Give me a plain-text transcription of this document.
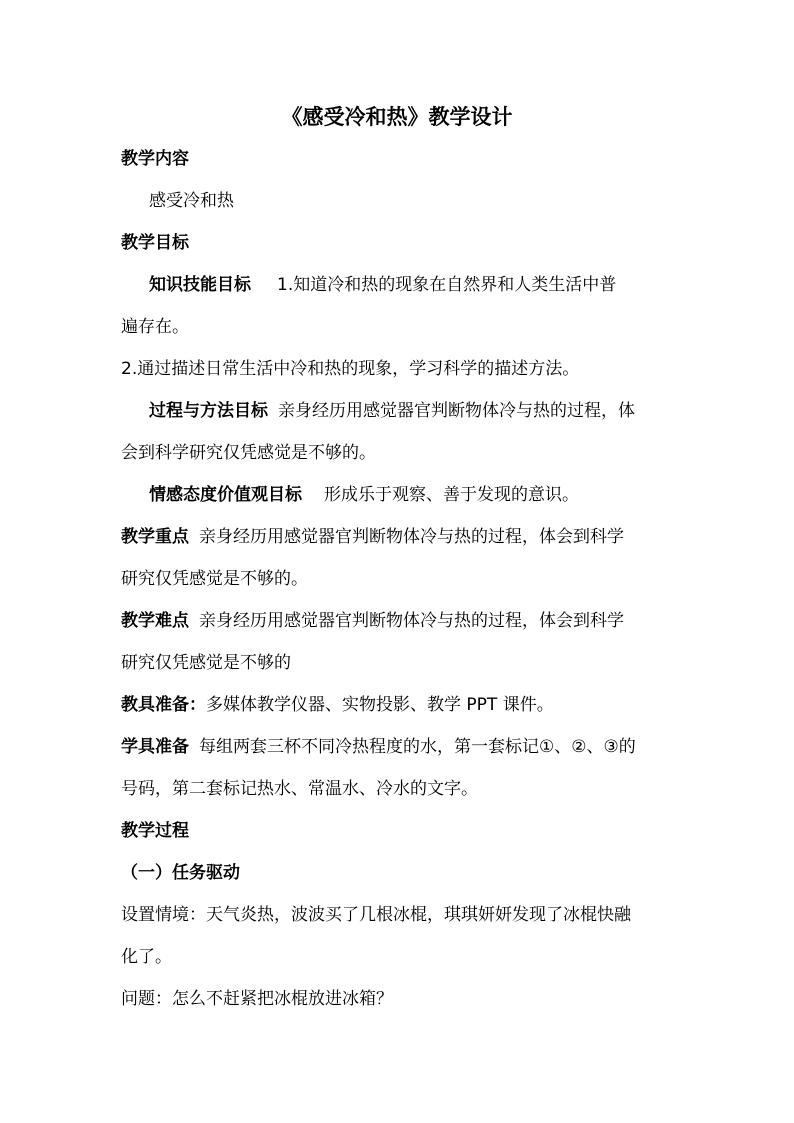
《感受冷和热》教学设计
教学内容
感受冷和热
教学目标
知识技能目标 1.知道冷和热的现象在自然界和人类生活中普
遍存在。
2.通过描述日常生活中冷和热的现象，学习科学的描述方法。
过程与方法目标 亲身经历用感觉器官判断物体冷与热的过程，体
会到科学研究仅凭感觉是不够的。
情感态度价值观目标 形成乐于观察、善于发现的意识。
教学重点 亲身经历用感觉器官判断物体冷与热的过程，体会到科学
研究仅凭感觉是不够的。
教学难点 亲身经历用感觉器官判断物体冷与热的过程，体会到科学
研究仅凭感觉是不够的
教具准备：多媒体教学仪器、实物投影、教学 PPT 课件。
学具准备 每组两套三杯不同冷热程度的水，第一套标记①、②、③的
号码，第二套标记热水、常温水、冷水的文字。
教学过程
（一）任务驱动
设置情境：天气炎热，波波买了几根冰棍，琪琪妍妍发现了冰棍快融
化了。
问题：怎么不赶紧把冰棍放进冰箱？
